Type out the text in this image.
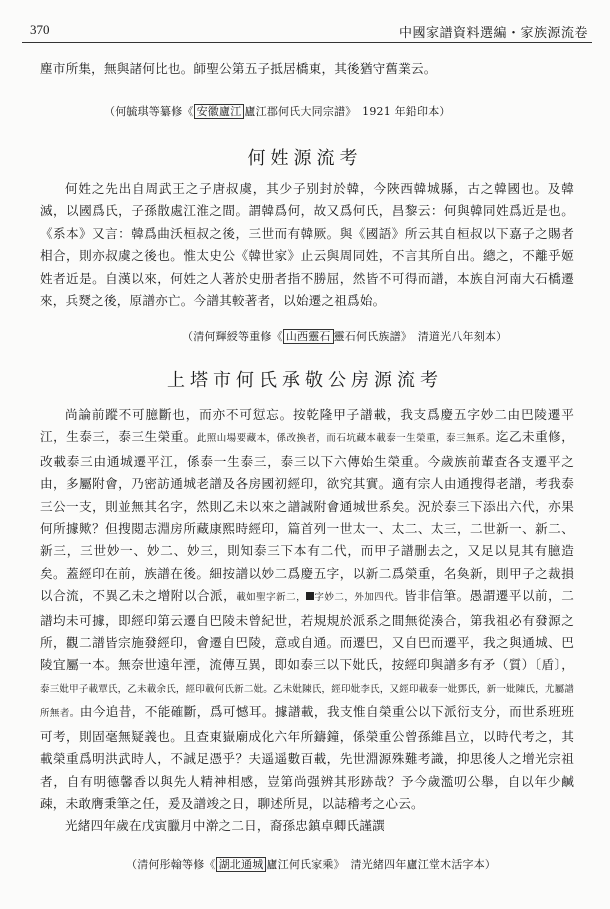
370	中國家譜資料選編・家族源流卷

塵市所集，無與諸何比也。師聖公第五子抵居橋東，其後猶守舊業云。

（何毓琪等纂修《 安徽廬江 廬江郡何氏大同宗譜》　1921 年鉛印本）
何姓源流考

何姓之先出自周武王之子唐叔虞，其少子别封於韓，今陜西韓城縣，古之韓國也。及韓滅，以國爲氏，子孫散處江淮之間。謂韓爲何，故又爲何氏，昌黎云：何與韓同姓爲近是也。《系本》又言：韓爲曲沃桓叔之後，三世而有韓厥。與《國語》所云其自桓叔以下嘉子之賜者相合，則亦叔虞之後也。惟太史公《韓世家》止云與周同姓，不言其所自出。總之，不離乎姬姓者近是。自漢以來，何姓之人著於史册者指不勝屈，然皆不可得而譜，本族自河南大石橋遷來，兵燹之後，原譜亦亡。今譜其較著者，以始遷之祖爲始。

（清何輝綬等重修《 山西靈石 靈石何氏族譜》　清道光八年刻本）
上塔市何氏承敬公房源流考

尚論前蹤不可臆斷也，而亦不可愆忘。按乾隆甲子譜載，我支爲慶五字妙二由巴陵遷平江，生泰三，泰三生榮重。此照山場要藏本，係改換者，而石坑藏本載泰一生榮重，泰三無系。迄乙未重修，改載泰三由通城遷平江，係泰一生泰三，泰三以下六傳始生榮重。今歲族前輩查各支遷平之由，多屬附會，乃密訪通城老譜及各房國初經印，欲究其實。適有宗人由通搜得老譜，考我泰三公一支，則並無其名字，然則乙未以來之譜誠附會通城世系矣。況於泰三下添出六代，亦果何所據歟？但搜閲志淵房所藏康熙時經印，篇首列一世太一、太二、太三，二世新一、新二、新三，三世妙一、妙二、妙三，則知泰三下本有二代，而甲子譜删去之，又足以見其有臆造矣。蓋經印在前，族譜在後。細按譜以妙二爲慶五字，以新二爲榮重，名奐新，則甲子之裁損以合流，不異乙未之增附以合派，載如聖字新二， 字妙二，外加四代。皆非信筆。愚謂遷平以前，二譜均未可據，即經印第云遷自巴陵未曾紀世，若規規於派系之間無從湊合，第我祖必有發源之所，觀二譜皆宗施發經印，會遷自巴陵，意或自通。而遷巴，又自巴而遷平，我之與通城、巴陵宜屬一本。無奈世遠年湮，流傳互異，即如泰三以下妣氏，按經印與譜多有矛（質）〔盾〕，泰三妣甲子載覃氏，乙未載余氏，經印載何氏新二妣。乙未妣陳氏，經印妣李氏，又經印載泰一妣鄧氏，新一妣陳氏，尤屬譜所無者。由今追昔，不能確斷，爲可憾耳。據譜載，我支惟自榮重公以下派衍支分，而世系班班可考，則固毫無疑義也。且查東嶽廟成化六年所鑄鐘，係榮重公曾孫維昌立，以時代考之，其載榮重爲明洪武時人，不誠足憑乎？夫遥遥數百載，先世淵源殊難考識，抑思後人之增光宗祖者，自有明德馨香以與先人精神相感，豈第尚强辨其形跡哉？予今歲濫叨公舉，自以年少鹹疎，未敢膺秉筆之任，爰及譜竣之日，聊述所見，以誌稽考之心云。

光緒四年歲在戊寅臘月中澣之二日，裔孫忠鎮卓卿氏謹譔

（清何彤翰等修《 湖北通城 廬江何氏家乘》　清光緒四年廬江堂木活字本）
